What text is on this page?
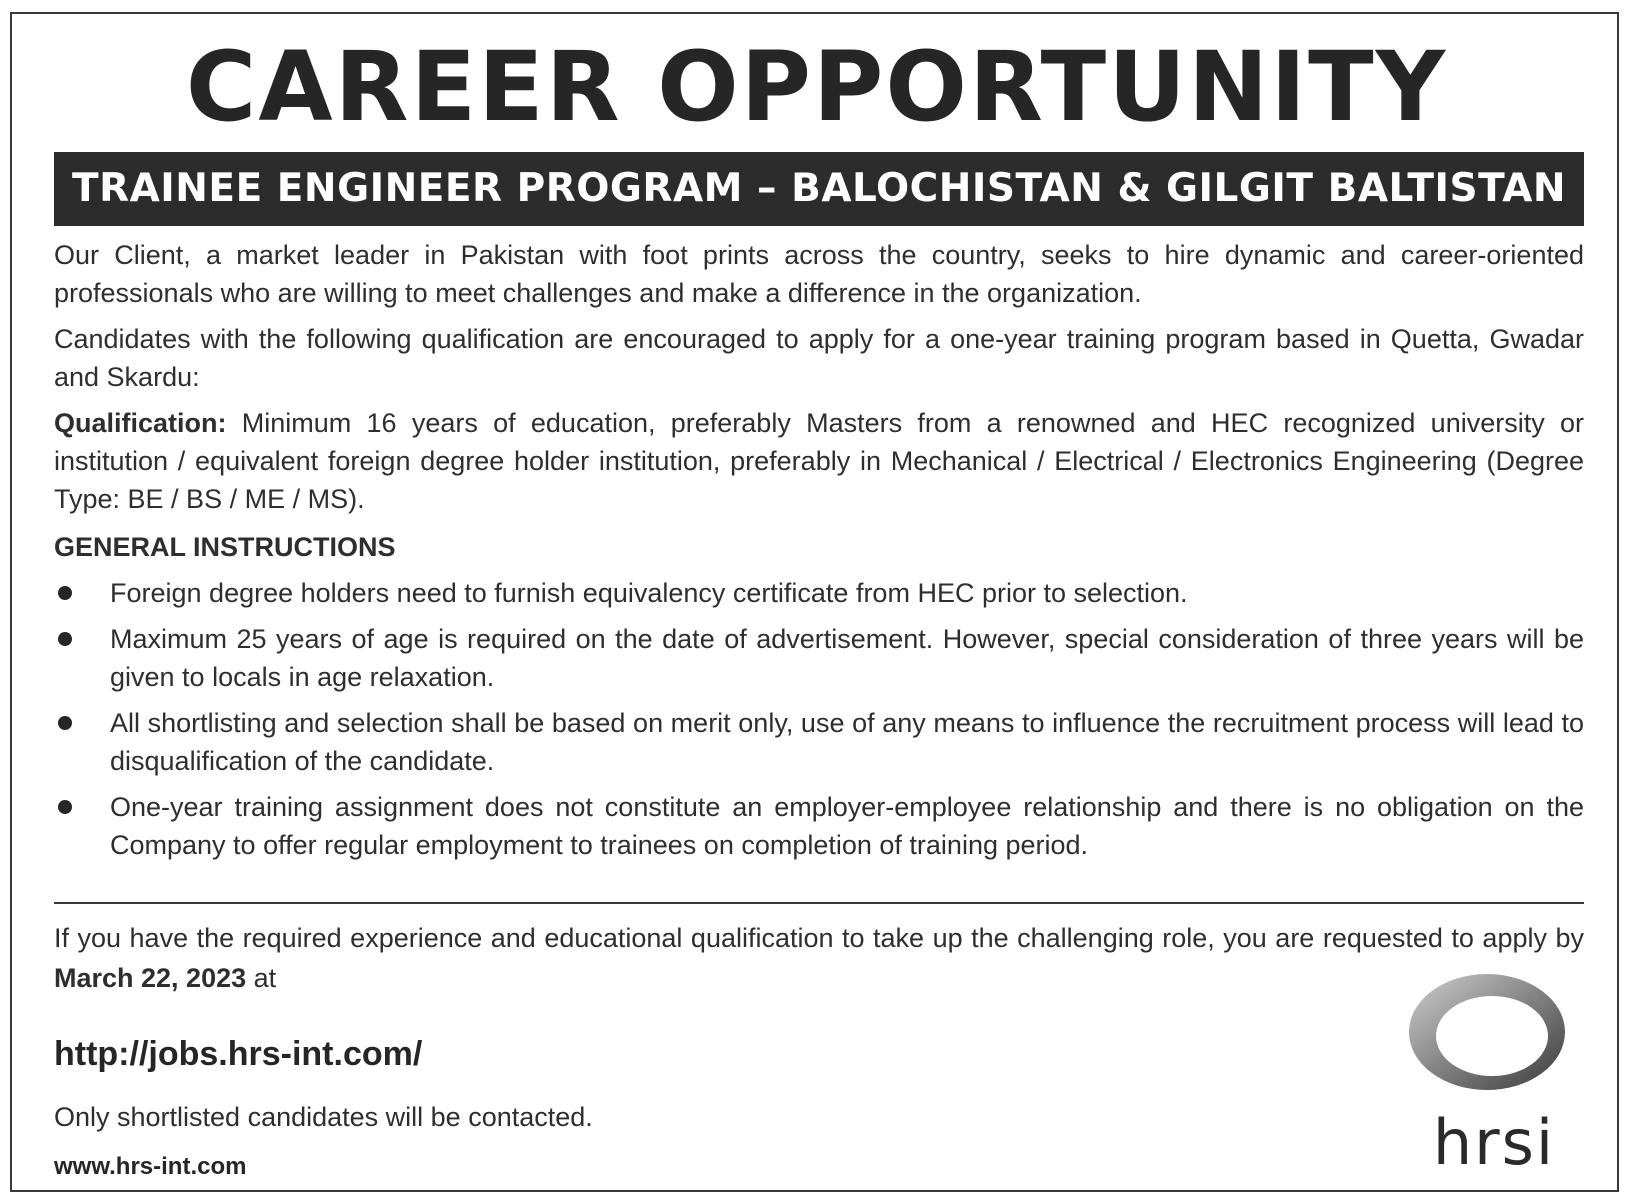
CAREER OPPORTUNITY
TRAINEE ENGINEER PROGRAM – BALOCHISTAN & GILGIT BALTISTAN
Our Client, a market leader in Pakistan with foot prints across the country, seeks to hire dynamic and career-oriented professionals who are willing to meet challenges and make a difference in the organization.
Candidates with the following qualification are encouraged to apply for a one-year training program based in Quetta, Gwadar and Skardu:
Qualification: Minimum 16 years of education, preferably Masters from a renowned and HEC recognized university or institution / equivalent foreign degree holder institution, preferably in Mechanical / Electrical / Electronics Engineering (Degree Type: BE / BS / ME / MS).
GENERAL INSTRUCTIONS
Foreign degree holders need to furnish equivalency certificate from HEC prior to selection.
Maximum 25 years of age is required on the date of advertisement. However, special consideration of three years will be given to locals in age relaxation.
All shortlisting and selection shall be based on merit only, use of any means to influence the recruitment process will lead to disqualification of the candidate.
One-year training assignment does not constitute an employer-employee relationship and there is no obligation on the Company to offer regular employment to trainees on completion of training period.
If you have the required experience and educational qualification to take up the challenging role, you are requested to apply by March 22, 2023 at
http://jobs.hrs-int.com/
Only shortlisted candidates will be contacted.
www.hrs-int.com	hrsi
